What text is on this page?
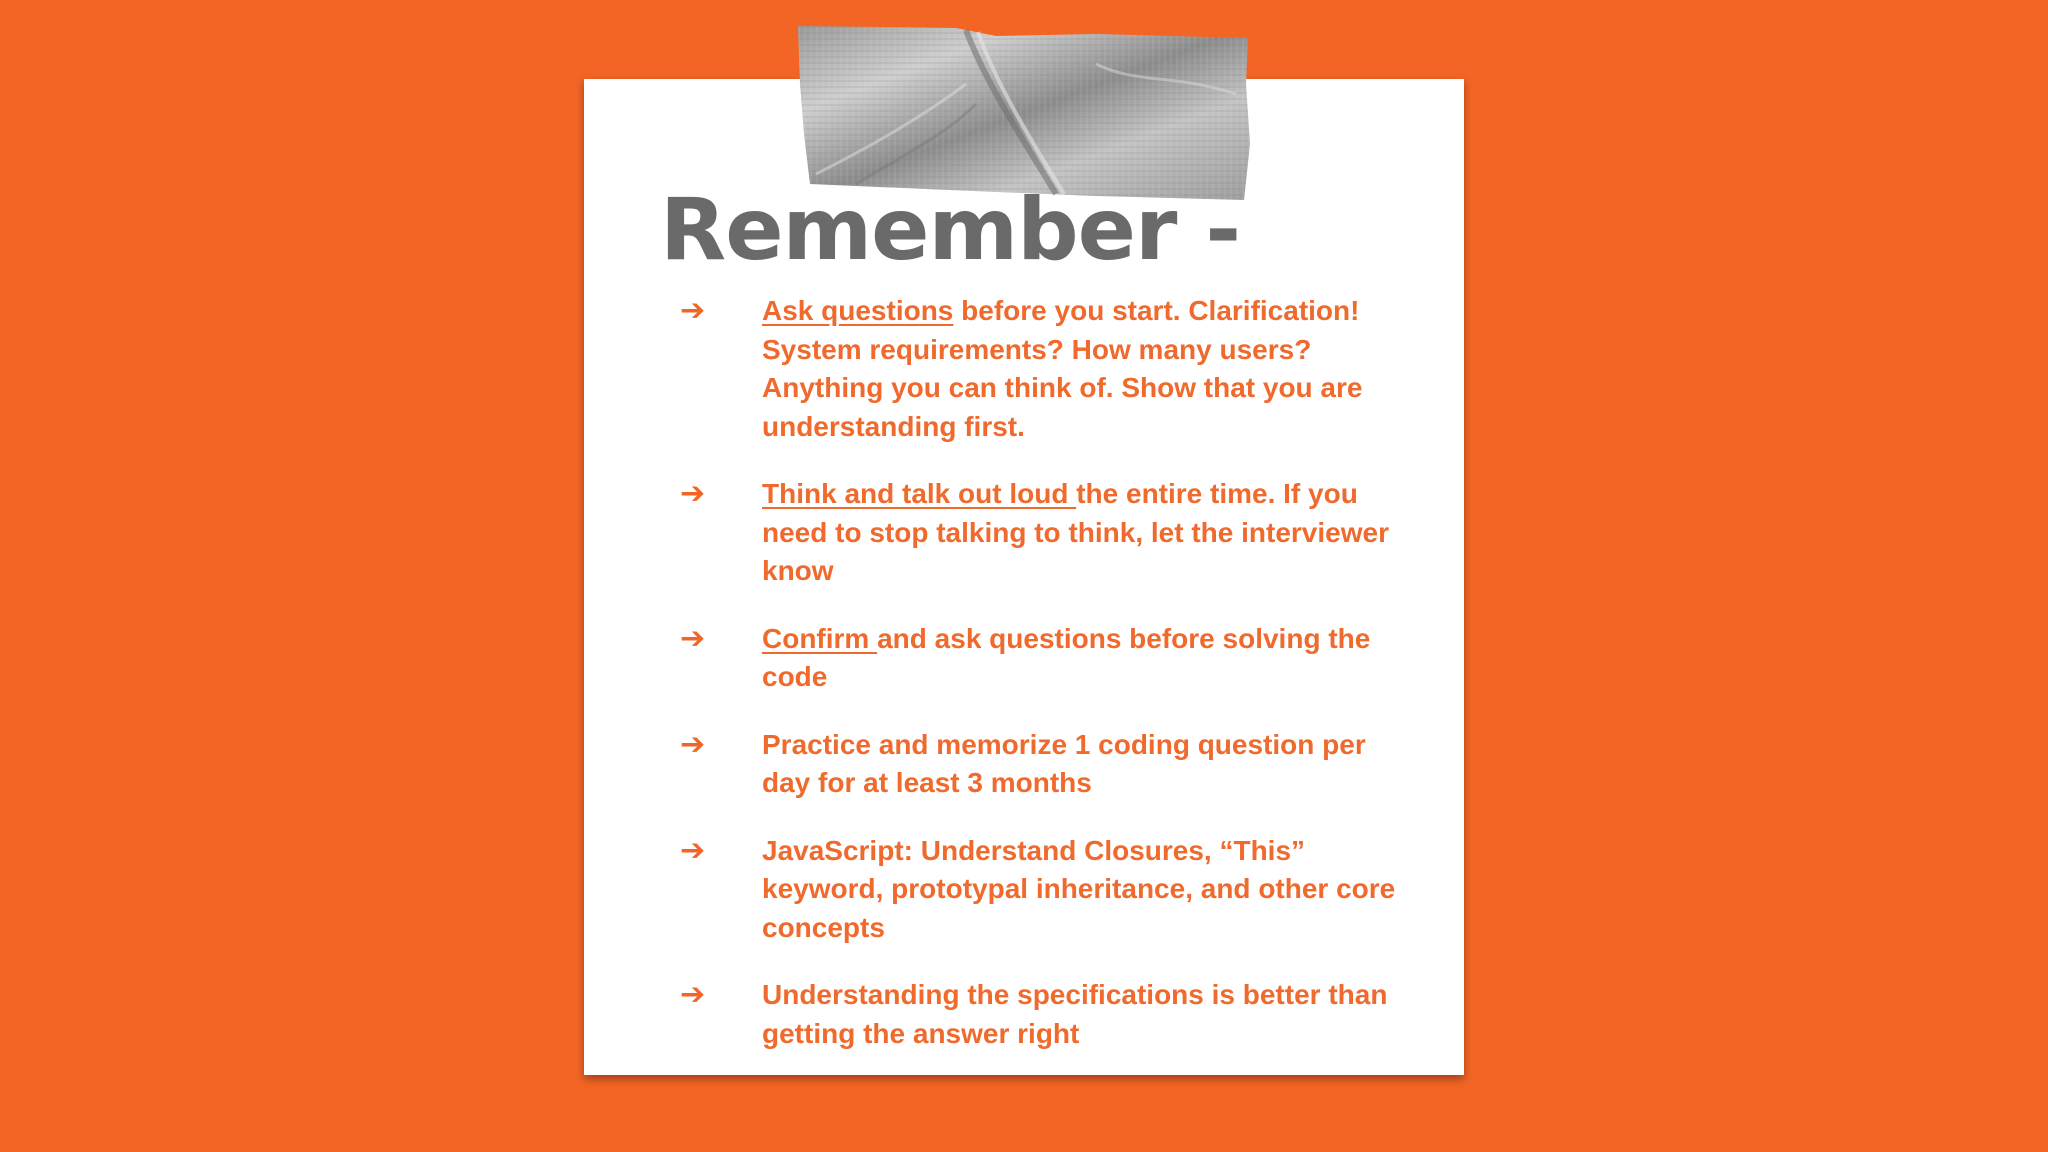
Remember -
➔	Ask questions before you start. Clarification! System requirements? How many users? Anything you can think of. Show that you are understanding first.
➔	Think and talk out loud the entire time. If you need to stop talking to think, let the interviewer know
➔	Confirm and ask questions before solving the code
➔	Practice and memorize 1 coding question per day for at least 3 months
➔	JavaScript: Understand Closures, “This” keyword, prototypal inheritance, and other core concepts
➔	Understanding the specifications is better than getting the answer right
